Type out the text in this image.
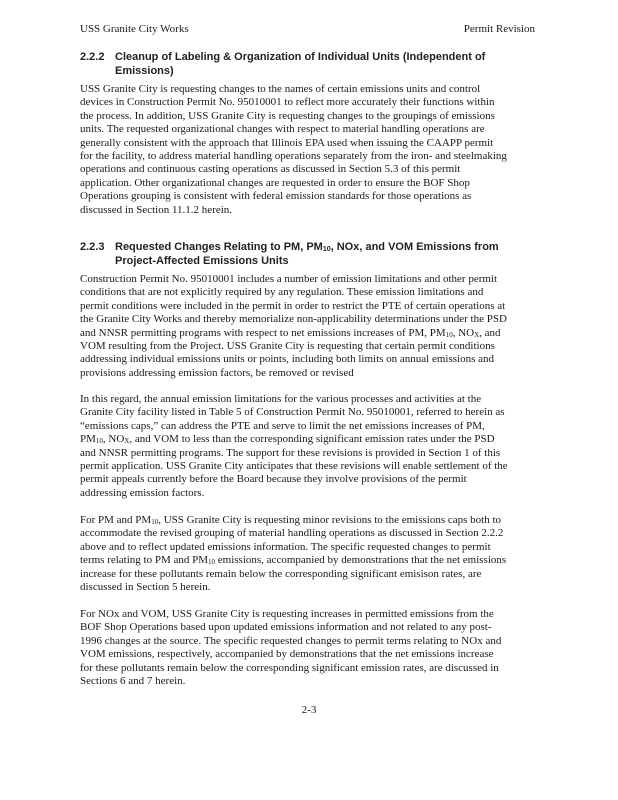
USS Granite City Works	Permit Revision
2.2.2 Cleanup of Labeling & Organization of Individual Units (Independent of
Emissions)
USS Granite City is requesting changes to the names of certain emissions units and control
devices in Construction Permit No. 95010001 to reflect more accurately their functions within
the process. In addition, USS Granite City is requesting changes to the groupings of emissions
units. The requested organizational changes with respect to material handling operations are
generally consistent with the approach that Illinois EPA used when issuing the CAAPP permit
for the facility, to address material handling operations separately from the iron- and steelmaking
operations and continuous casting operations as discussed in Section 5.3 of this permit
application. Other organizational changes are requested in order to ensure the BOF Shop
Operations grouping is consistent with federal emission standards for those operations as
discussed in Section 11.1.2 herein.
2.2.3 Requested Changes Relating to PM, $PM_{10}$, NOx, and VOM Emissions from
Project-Affected Emissions Units
Construction Permit No. 95010001 includes a number of emission limitations and other permit
conditions that are not explicitly required by any regulation. These emission limitations and
permit conditions were included in the permit in order to restrict the PTE of certain operations at
the Granite City Works and thereby memorialize non-applicability determinations under the PSD
and NNSR permitting programs with respect to net emissions increases of PM, $PM_{10}$, $NO_X$, and
VOM resulting from the Project. USS Granite City is requesting that certain permit conditions
addressing individual emissions units or points, including both limits on annual emissions and
provisions addressing emission factors, be removed or revised
In this regard, the annual emission limitations for the various processes and activities at the
Granite City facility listed in Table 5 of Construction Permit No. 95010001, referred to herein as
“emissions caps,” can address the PTE and serve to limit the net emissions increases of PM,
$PM_{10}$, $NO_X$, and VOM to less than the corresponding significant emission rates under the PSD
and NNSR permitting programs. The support for these revisions is provided in Section 1 of this
permit application. USS Granite City anticipates that these revisions will enable settlement of the
permit appeals currently before the Board because they involve provisions of the permit
addressing emission factors.
For PM and $PM_{10}$, USS Granite City is requesting minor revisions to the emissions caps both to
accommodate the revised grouping of material handling operations as discussed in Section 2.2.2
above and to reflect updated emissions information. The specific requested changes to permit
terms relating to PM and $PM_{10}$ emissions, accompanied by demonstrations that the net emissions
increase for these pollutants remain below the corresponding significant emisison rates, are
discussed in Section 5 herein.
For NOx and VOM, USS Granite City is requesting increases in permitted emissions from the
BOF Shop Operations based upon updated emissions information and not related to any post-
1996 changes at the source. The specific requested changes to permit terms relating to NOx and
VOM emissions, respectively, accompanied by demonstrations that the net emissions increase
for these pollutants remain below the corresponding significant emission rates, are discussed in
Sections 6 and 7 herein.
2-3
